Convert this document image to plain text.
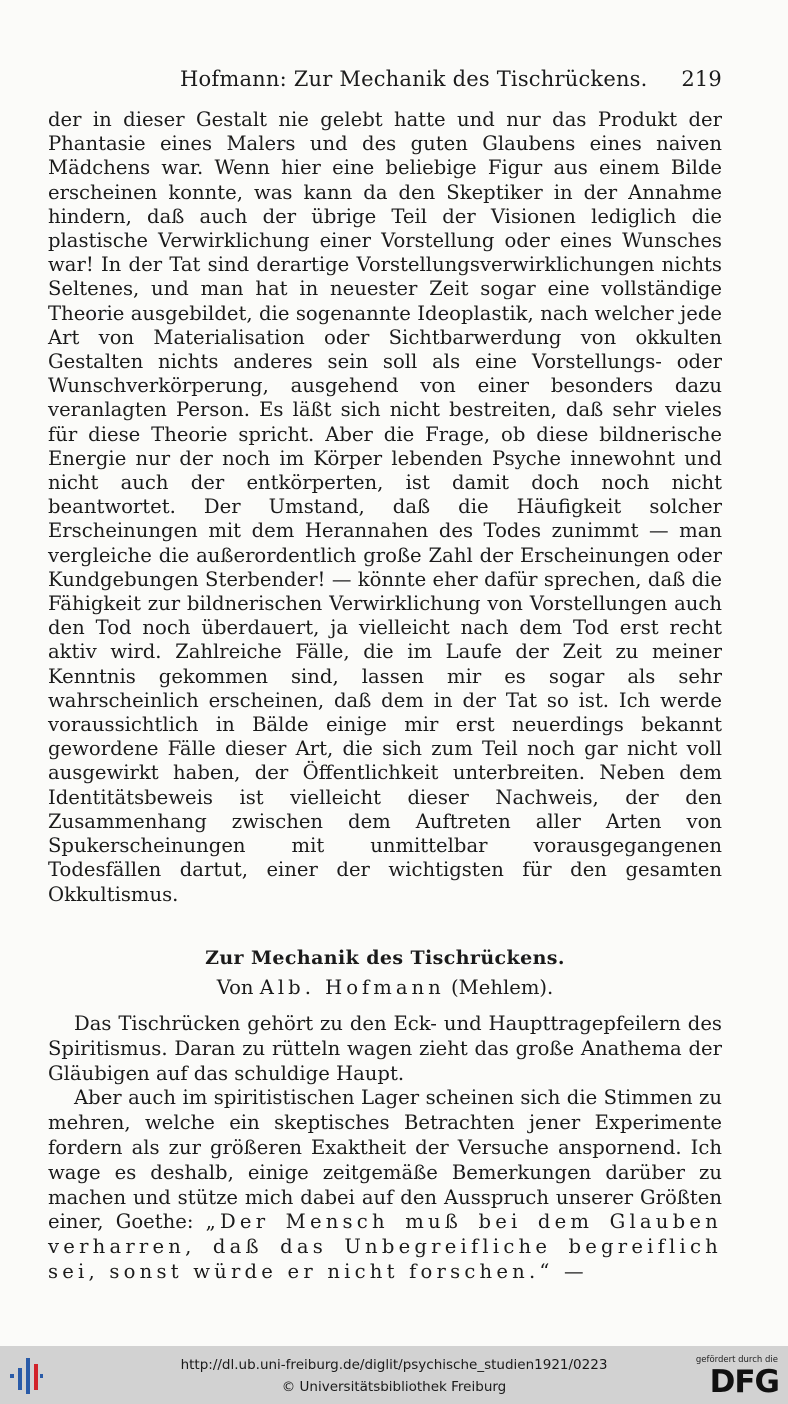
Hofmann: Zur Mechanik des Tischrückens. 219

der in dieser Gestalt nie gelebt hatte und nur das Produkt der Phantasie eines Malers und des guten Glaubens eines naiven Mädchens war. Wenn hier eine beliebige Figur aus einem Bilde erscheinen konnte, was kann da den Skeptiker in der Annahme hindern, daß auch der übrige Teil der Visionen lediglich die plastische Verwirklichung einer Vorstellung oder eines Wunsches war! In der Tat sind derartige Vorstellungsverwirklichungen nichts Seltenes, und man hat in neuester Zeit sogar eine vollständige Theorie ausgebildet, die sogenannte Ideoplastik, nach welcher jede Art von Materialisation oder Sichtbarwerdung von okkulten Gestalten nichts anderes sein soll als eine Vorstellungs- oder Wunschverkörperung, ausgehend von einer besonders dazu veranlagten Person. Es läßt sich nicht bestreiten, daß sehr vieles für diese Theorie spricht. Aber die Frage, ob diese bildnerische Energie nur der noch im Körper lebenden Psyche innewohnt und nicht auch der entkörperten, ist damit doch noch nicht beantwortet. Der Umstand, daß die Häufigkeit solcher Erscheinungen mit dem Herannahen des Todes zunimmt — man vergleiche die außerordentlich große Zahl der Erscheinungen oder Kundgebungen Sterbender! — könnte eher dafür sprechen, daß die Fähigkeit zur bildnerischen Verwirklichung von Vorstellungen auch den Tod noch überdauert, ja vielleicht nach dem Tod erst recht aktiv wird. Zahlreiche Fälle, die im Laufe der Zeit zu meiner Kenntnis gekommen sind, lassen mir es sogar als sehr wahrscheinlich erscheinen, daß dem in der Tat so ist. Ich werde voraussichtlich in Bälde einige mir erst neuerdings bekannt gewordene Fälle dieser Art, die sich zum Teil noch gar nicht voll ausgewirkt haben, der Öffentlichkeit unterbreiten. Neben dem Identitätsbeweis ist vielleicht dieser Nachweis, der den Zusammenhang zwischen dem Auftreten aller Arten von Spukerscheinungen mit unmittelbar vorausgegangenen Todesfällen dartut, einer der wichtigsten für den gesamten Okkultismus.

Zur Mechanik des Tischrückens.
Von Alb. Hofmann (Mehlem).

Das Tischrücken gehört zu den Eck- und Haupttragepfeilern des Spiritismus. Daran zu rütteln wagen zieht das große Anathema der Gläubigen auf das schuldige Haupt.

Aber auch im spiritistischen Lager scheinen sich die Stimmen zu mehren, welche ein skeptisches Betrachten jener Experimente fordern als zur größeren Exaktheit der Versuche anspornend. Ich wage es deshalb, einige zeitgemäße Bemerkungen darüber zu machen und stütze mich dabei auf den Ausspruch unserer Größten einer, Goethe: „Der Mensch muß bei dem Glauben verharren, daß das Unbegreifliche begreiflich sei, sonst würde er nicht forschen.“ —

http://dl.ub.uni-freiburg.de/diglit/psychische_studien1921/0223
© Universitätsbibliothek Freiburg
gefördert durch die
DFG
